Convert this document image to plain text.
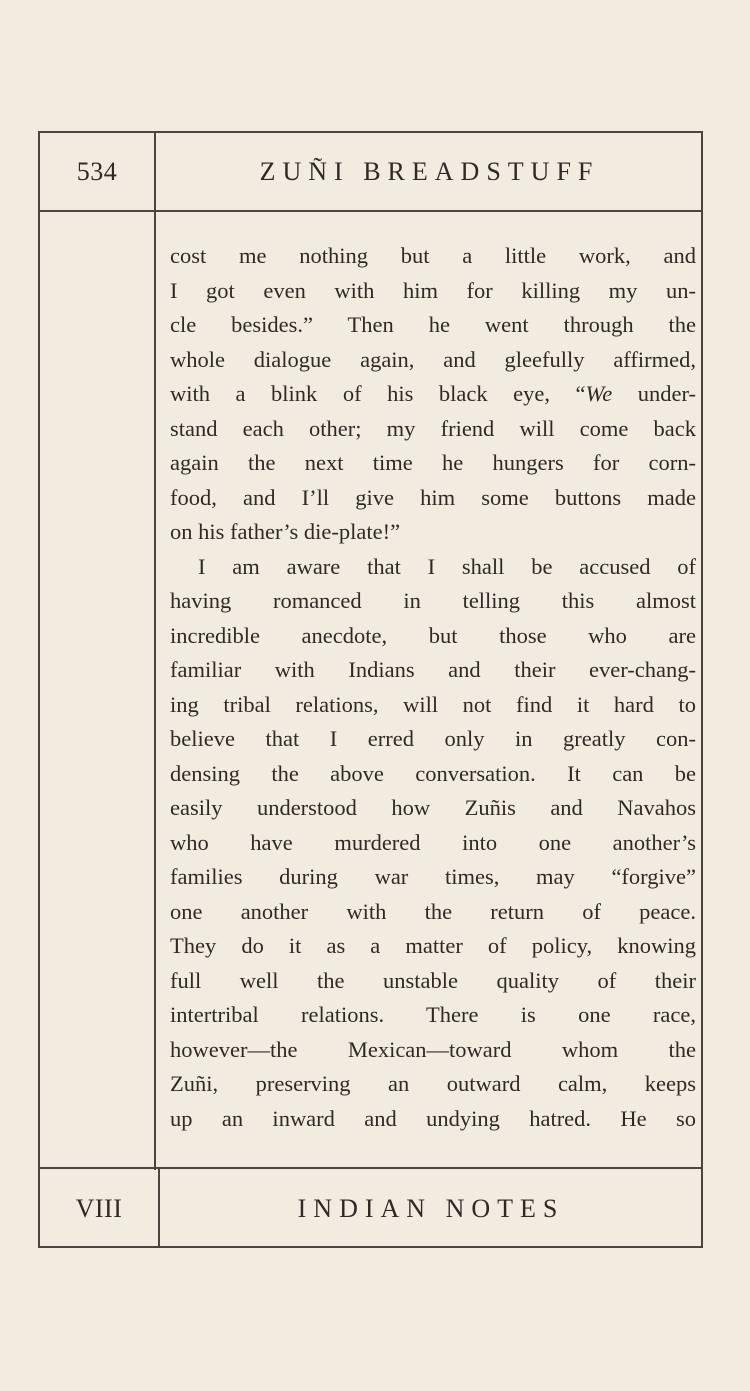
534	ZUÑI BREADSTUFF

cost me nothing but a little work, and
I got even with him for killing my un-
cle besides.” Then he went through the
whole dialogue again, and gleefully affirmed,
with a blink of his black eye, “We under-
stand each other; my friend will come back
again the next time he hungers for corn-
food, and I’ll give him some buttons made
on his father’s die-plate!”

I am aware that I shall be accused of
having romanced in telling this almost
incredible anecdote, but those who are
familiar with Indians and their ever-chang-
ing tribal relations, will not find it hard to
believe that I erred only in greatly con-
densing the above conversation. It can be
easily understood how Zuñis and Navahos
who have murdered into one another’s
families during war times, may “forgive”
one another with the return of peace.
They do it as a matter of policy, knowing
full well the unstable quality of their
intertribal relations. There is one race,
however—the Mexican—toward whom the
Zuñi, preserving an outward calm, keeps
up an inward and undying hatred. He so

VIII	INDIAN NOTES
